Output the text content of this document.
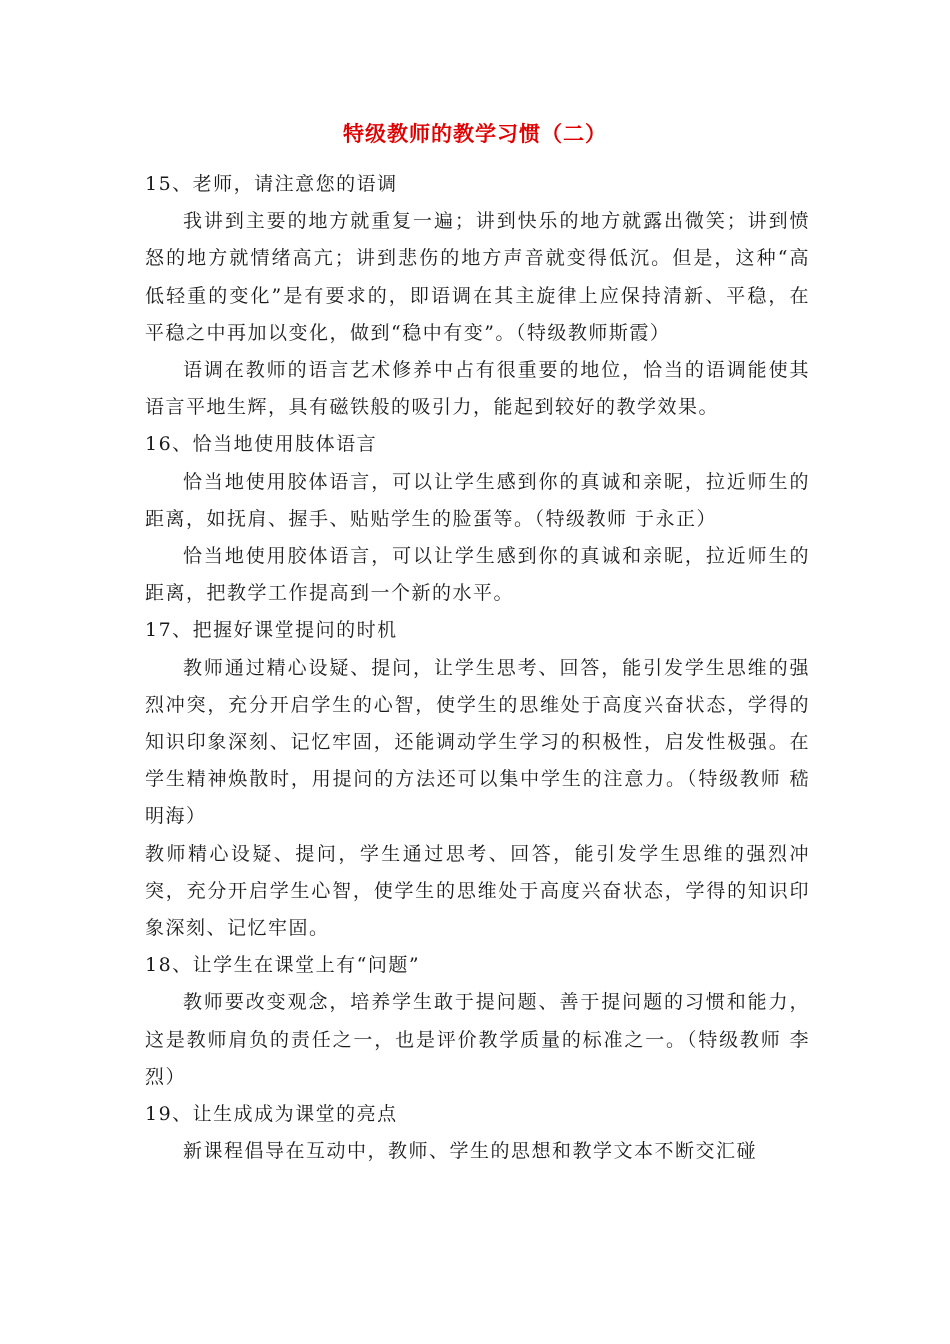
特级教师的教学习惯（二）

15、老师，请注意您的语调

我讲到主要的地方就重复一遍；讲到快乐的地方就露出微笑；讲到愤怒的地方就情绪高亢；讲到悲伤的地方声音就变得低沉。但是，这种“高低轻重的变化”是有要求的，即语调在其主旋律上应保持清新、平稳，在平稳之中再加以变化，做到“稳中有变”。（特级教师斯霞）

语调在教师的语言艺术修养中占有很重要的地位，恰当的语调能使其语言平地生辉，具有磁铁般的吸引力，能起到较好的教学效果。

16、恰当地使用肢体语言

恰当地使用胶体语言，可以让学生感到你的真诚和亲昵，拉近师生的距离，如抚肩、握手、贴贴学生的脸蛋等。（特级教师 于永正）

恰当地使用胶体语言，可以让学生感到你的真诚和亲昵，拉近师生的距离，把教学工作提高到一个新的水平。

17、把握好课堂提问的时机

教师通过精心设疑、提问，让学生思考、回答，能引发学生思维的强烈冲突，充分开启学生的心智，使学生的思维处于高度兴奋状态，学得的知识印象深刻、记忆牢固，还能调动学生学习的积极性，启发性极强。在学生精神焕散时，用提问的方法还可以集中学生的注意力。（特级教师 嵇明海）

教师精心设疑、提问，学生通过思考、回答，能引发学生思维的强烈冲突，充分开启学生心智，使学生的思维处于高度兴奋状态，学得的知识印象深刻、记忆牢固。

18、让学生在课堂上有“问题”

教师要改变观念，培养学生敢于提问题、善于提问题的习惯和能力，这是教师肩负的责任之一，也是评价教学质量的标准之一。（特级教师 李烈）

19、让生成成为课堂的亮点

新课程倡导在互动中，教师、学生的思想和教学文本不断交汇碰
